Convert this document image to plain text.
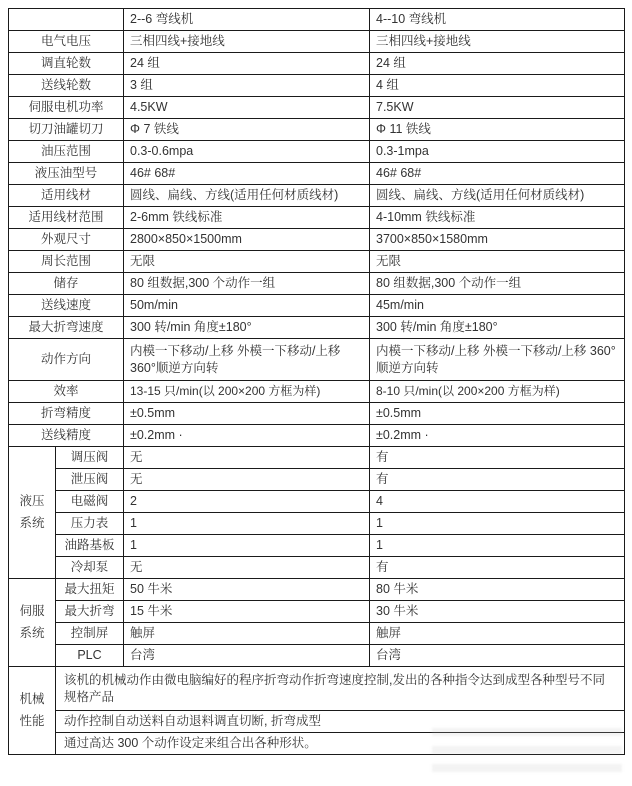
		2--6 弯线机	4--10 弯线机
电气电压		三相四线+接地线	三相四线+接地线
调直轮数		24 组	24 组
送线轮数		3 组	4 组
伺服电机功率		4.5KW	7.5KW
切刀油罐切刀		Φ 7 铁线	Φ 11 铁线
油压范围		0.3-0.6mpa	0.3-1mpa
液压油型号		46# 68#	46# 68#
适用线材		圆线、扁线、方线(适用任何材质线材)	圆线、扁线、方线(适用任何材质线材)
适用线材范围		2-6mm 铁线标准	4-10mm 铁线标准
外观尺寸		2800×850×1500mm	3700×850×1580mm
周长范围		无限	无限
储存		80 组数据,300 个动作一组	80 组数据,300 个动作一组
送线速度		50m/min	45m/min
最大折弯速度		300 转/min 角度±180°	300 转/min 角度±180°
动作方向		内模一下移动/上移 外模一下移动/上移 360°顺逆方向转	内模一下移动/上移 外模一下移动/上移 360°顺逆方向转
效率		13-15 只/min(以 200×200 方框为样)	8-10 只/min(以 200×200 方框为样)
折弯精度		±0.5mm	±0.5mm
送线精度		±0.2mm ·	±0.2mm ·

液压系统	调压阀	无	有
	泄压阀	无	有
	电磁阀	2	4
	压力表	1	1
	油路基板	1	1
	冷却泵	无	有

伺服系统	最大扭矩	50 牛米	80 牛米
	最大折弯	15 牛米	30 牛米
	控制屏	触屏	触屏
	PLC	台湾	台湾

机械性能	该机的机械动作由微电脑编好的程序折弯动作折弯速度控制,发出的各种指令达到成型各种型号不同规格产品		
	动作控制自动送料自动退料调直切断, 折弯成型		
	通过高达 300 个动作设定来组合出各种形状。		
